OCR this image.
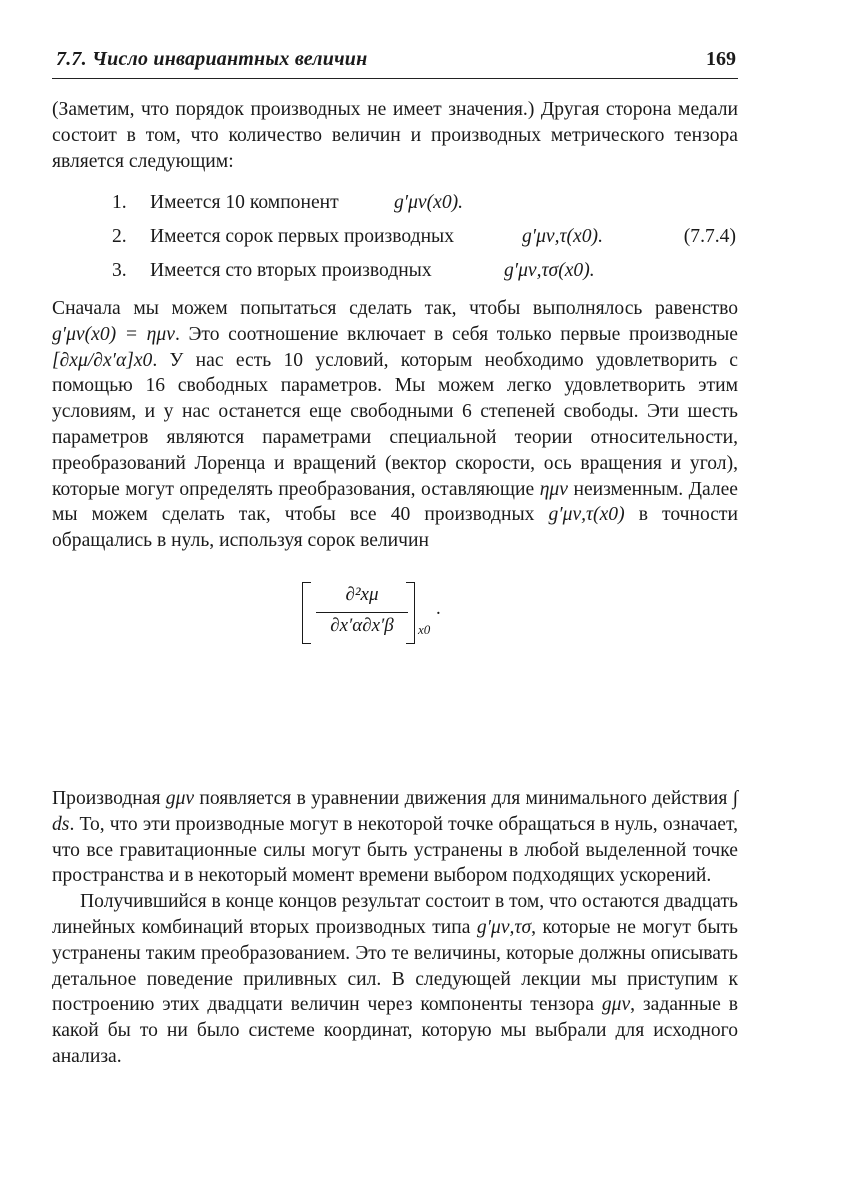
7.7. Число инвариантных величин	169

(Заметим, что порядок производных не имеет значения.) Другая сторона медали состоит в том, что количество величин и производных метрического тензора является следующим:

1. Имеется 10 компонент	g′μν(x0).
2. Имеется сорок первых производных	g′μν,τ(x0).	(7.7.4)
3. Имеется сто вторых производных	g′μν,τσ(x0).

Сначала мы можем попытаться сделать так, чтобы выполнялось равенство g′μν(x0) = ημν. Это соотношение включает в себя только первые производные [∂xμ/∂x′α]x0. У нас есть 10 условий, которым необходимо удовлетворить с помощью 16 свободных параметров. Мы можем легко удовлетворить этим условиям, и у нас останется еще свободными 6 степеней свободы. Эти шесть параметров являются параметрами специальной теории относительности, преобразований Лоренца и вращений (вектор скорости, ось вращения и угол), которые могут определять преобразования, оставляющие ημν неизменным. Далее мы можем сделать так, чтобы все 40 производных g′μν,τ(x0) в точности обращались в нуль, используя сорок величин

∂²xμ
∂x′α∂x′β	x0
.

Производная gμν появляется в уравнении движения для минимального действия ∫ ds. То, что эти производные могут в некоторой точке обращаться в нуль, означает, что все гравитационные силы могут быть устранены в любой выделенной точке пространства и в некоторый момент времени выбором подходящих ускорений.

Получившийся в конце концов результат состоит в том, что остаются двадцать линейных комбинаций вторых производных типа g′μν,τσ, которые не могут быть устранены таким преобразованием. Это те величины, которые должны описывать детальное поведение приливных сил. В следующей лекции мы приступим к построению этих двадцати величин через компоненты тензора gμν, заданные в какой бы то ни было системе координат, которую мы выбрали для исходного анализа.
